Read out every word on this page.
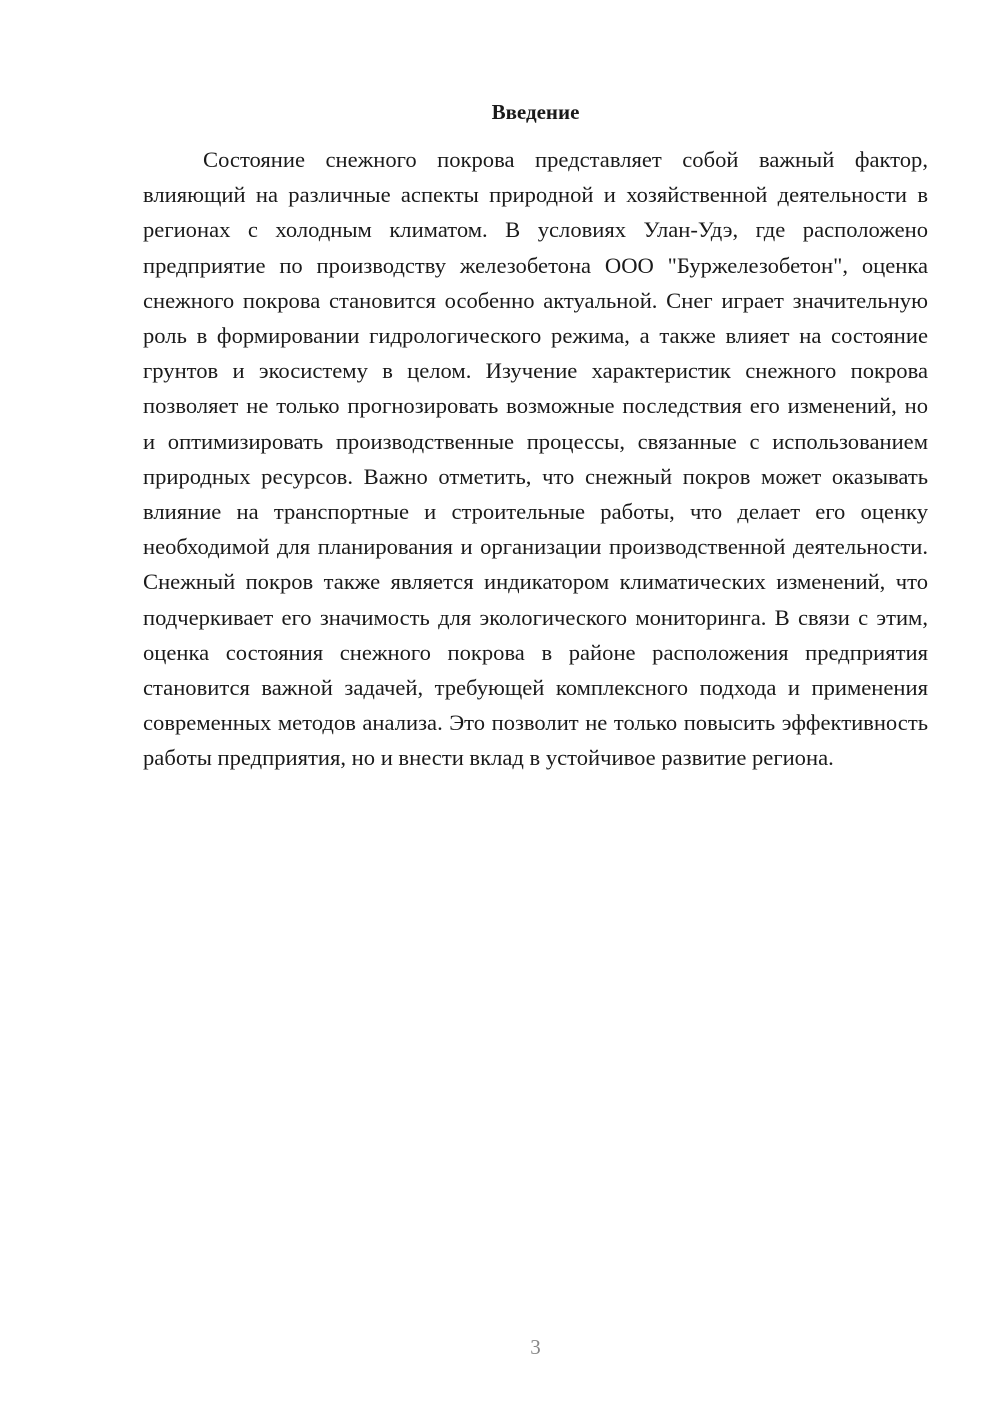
Введение

Состояние снежного покрова представляет собой важный фактор, влияющий на различные аспекты природной и хозяйственной деятельности в регионах с холодным климатом. В условиях Улан-Удэ, где расположено предприятие по производству железобетона ООО "Буржелезобетон", оценка снежного покрова становится особенно актуальной. Снег играет значительную роль в формировании гидрологического режима, а также влияет на состояние грунтов и экосистему в целом. Изучение характеристик снежного покрова позволяет не только прогнозировать возможные последствия его изменений, но и оптимизировать производственные процессы, связанные с использованием природных ресурсов. Важно отметить, что снежный покров может оказывать влияние на транспортные и строительные работы, что делает его оценку необходимой для планирования и организации производственной деятельности. Снежный покров также является индикатором климатических изменений, что подчеркивает его значимость для экологического мониторинга. В связи с этим, оценка состояния снежного покрова в районе расположения предприятия становится важной задачей, требующей комплексного подхода и применения современных методов анализа. Это позволит не только повысить эффективность работы предприятия, но и внести вклад в устойчивое развитие региона.

3
